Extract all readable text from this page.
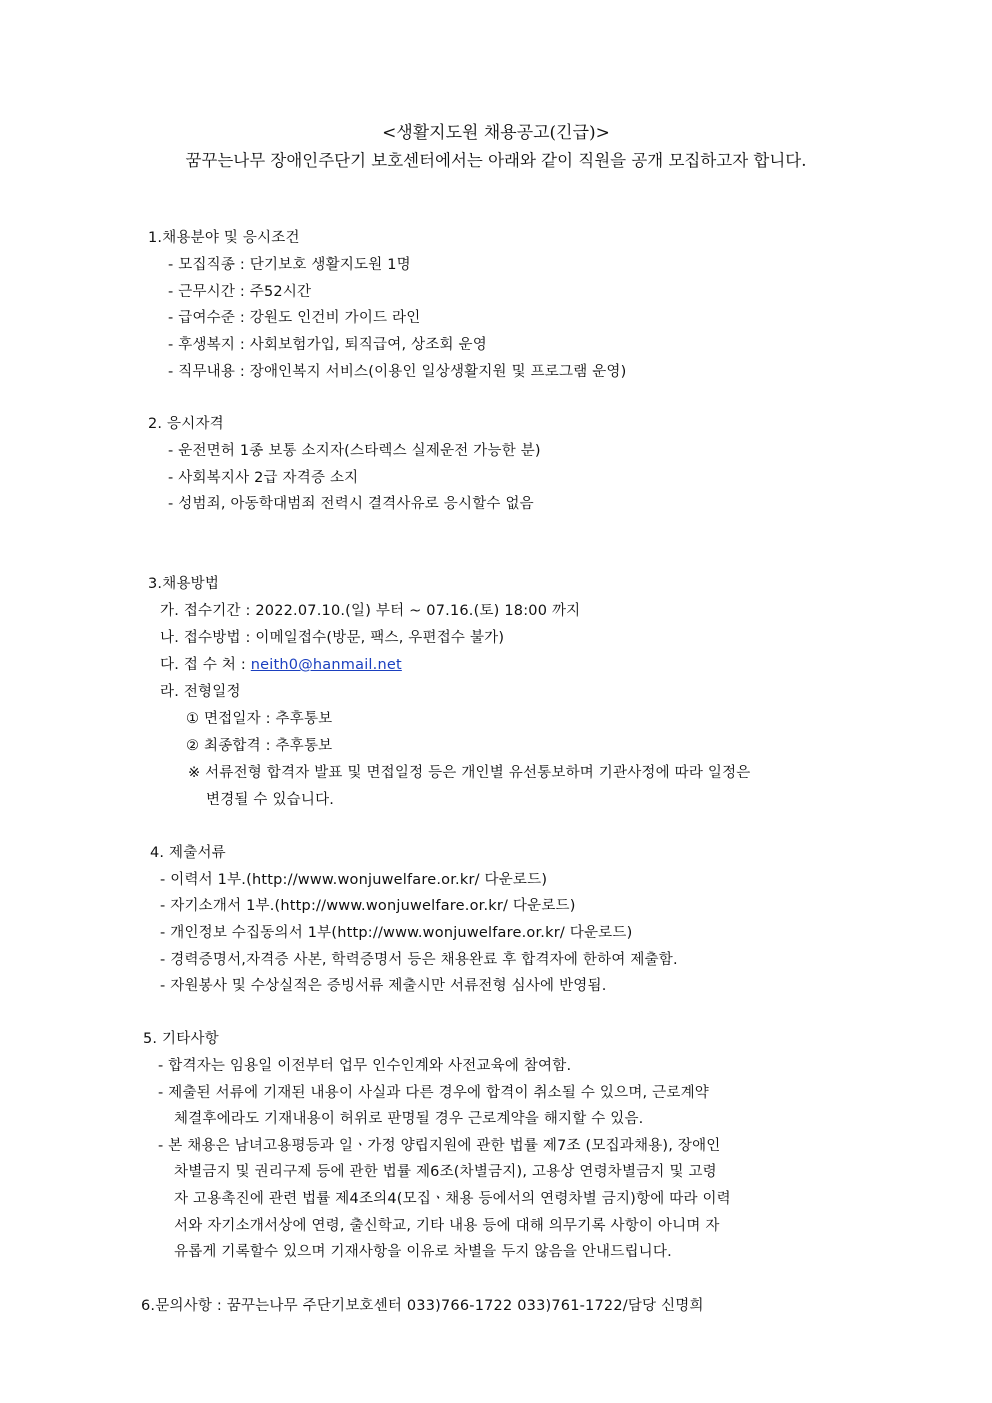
<생활지도원 채용공고(긴급)>
꿈꾸는나무 장애인주단기 보호센터에서는 아래와 같이 직원을 공개 모집하고자 합니다.
1.채용분야 및 응시조건
- 모집직종 : 단기보호 생활지도원 1명
- 근무시간 : 주52시간
- 급여수준 : 강원도 인건비 가이드 라인
- 후생복지 : 사회보험가입, 퇴직급여, 상조회 운영
- 직무내용 : 장애인복지 서비스(이용인 일상생활지원 및 프로그램 운영)
2. 응시자격
- 운전면허 1종 보통 소지자(스타렉스 실제운전 가능한 분)
- 사회복지사 2급 자격증 소지
- 성범죄, 아동학대범죄 전력시 결격사유로 응시할수 없음
3.채용방법
가. 접수기간 : 2022.07.10.(일) 부터 ~ 07.16.(토) 18:00 까지
나. 접수방법 : 이메일접수(방문, 팩스, 우편접수 불가)
다. 접 수 처 : neith0@hanmail.net
라. 전형일정
① 면접일자 : 추후통보
② 최종합격 : 추후통보
※ 서류전형 합격자 발표 및 면접일정 등은 개인별 유선통보하며 기관사정에 따라 일정은
변경될 수 있습니다.
4. 제출서류
- 이력서 1부.(http://www.wonjuwelfare.or.kr/ 다운로드)
- 자기소개서 1부.(http://www.wonjuwelfare.or.kr/ 다운로드)
- 개인정보 수집동의서 1부(http://www.wonjuwelfare.or.kr/ 다운로드)
- 경력증명서,자격증 사본, 학력증명서 등은 채용완료 후 합격자에 한하여 제출함.
- 자원봉사 및 수상실적은 증빙서류 제출시만 서류전형 심사에 반영됨.
5. 기타사항
- 합격자는 임용일 이전부터 업무 인수인계와 사전교육에 참여함.
- 제출된 서류에 기재된 내용이 사실과 다른 경우에 합격이 취소될 수 있으며, 근로계약
체결후에라도 기재내용이 허위로 판명될 경우 근로계약을 해지할 수 있음.
- 본 채용은 남녀고용평등과 일ㆍ가정 양립지원에 관한 법률 제7조 (모집과채용), 장애인
차별금지 및 권리구제 등에 관한 법률 제6조(차별금지), 고용상 연령차별금지 및 고령
자 고용촉진에 관련 법률 제4조의4(모집ㆍ채용 등에서의 연령차별 금지)항에 따라 이력
서와 자기소개서상에 연령, 출신학교, 기타 내용 등에 대해 의무기록 사항이 아니며 자
유롭게 기록할수 있으며 기재사항을 이유로 차별을 두지 않음을 안내드립니다.
6.문의사항 : 꿈꾸는나무 주단기보호센터 033)766-1722 033)761-1722/담당 신명희
